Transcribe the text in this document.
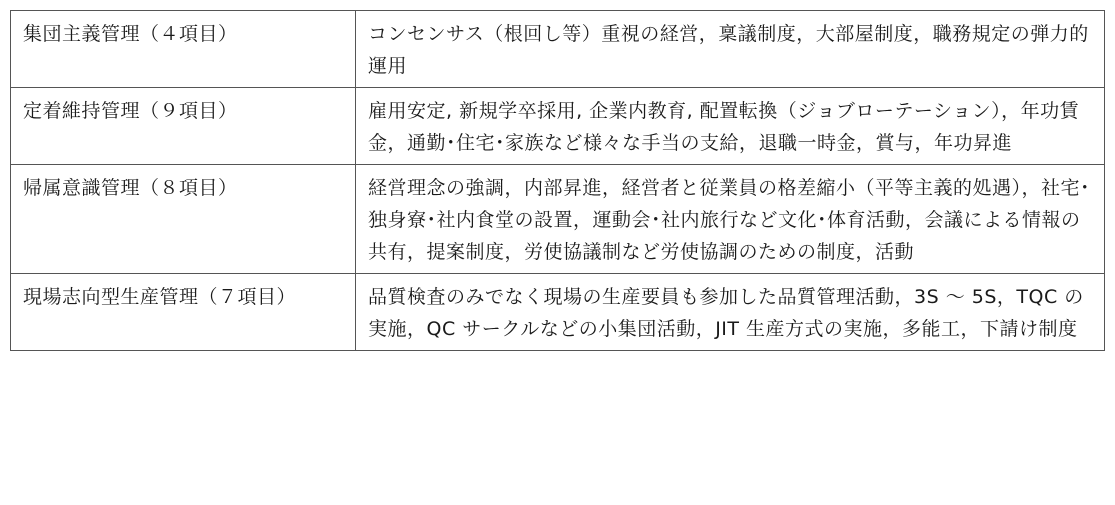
集団主義管理（４項目）	コンセンサス（根回し等）重視の経営，稟議制度，大部屋制度，職務規定の弾力的運用
定着維持管理（９項目）	雇用安定, 新規学卒採用, 企業内教育, 配置転換（ジョブローテーション），年功賃金，通勤･住宅･家族など様々な手当の支給，退職一時金，賞与，年功昇進
帰属意識管理（８項目）	経営理念の強調，内部昇進，経営者と従業員の格差縮小（平等主義的処遇），社宅･独身寮･社内食堂の設置，運動会･社内旅行など文化･体育活動，会議による情報の共有，提案制度，労使協議制など労使協調のための制度，活動
現場志向型生産管理（７項目）	品質検査のみでなく現場の生産要員も参加した品質管理活動，3S ～ 5S，TQC の実施，QC サークルなどの小集団活動，JIT 生産方式の実施，多能工，下請け制度
